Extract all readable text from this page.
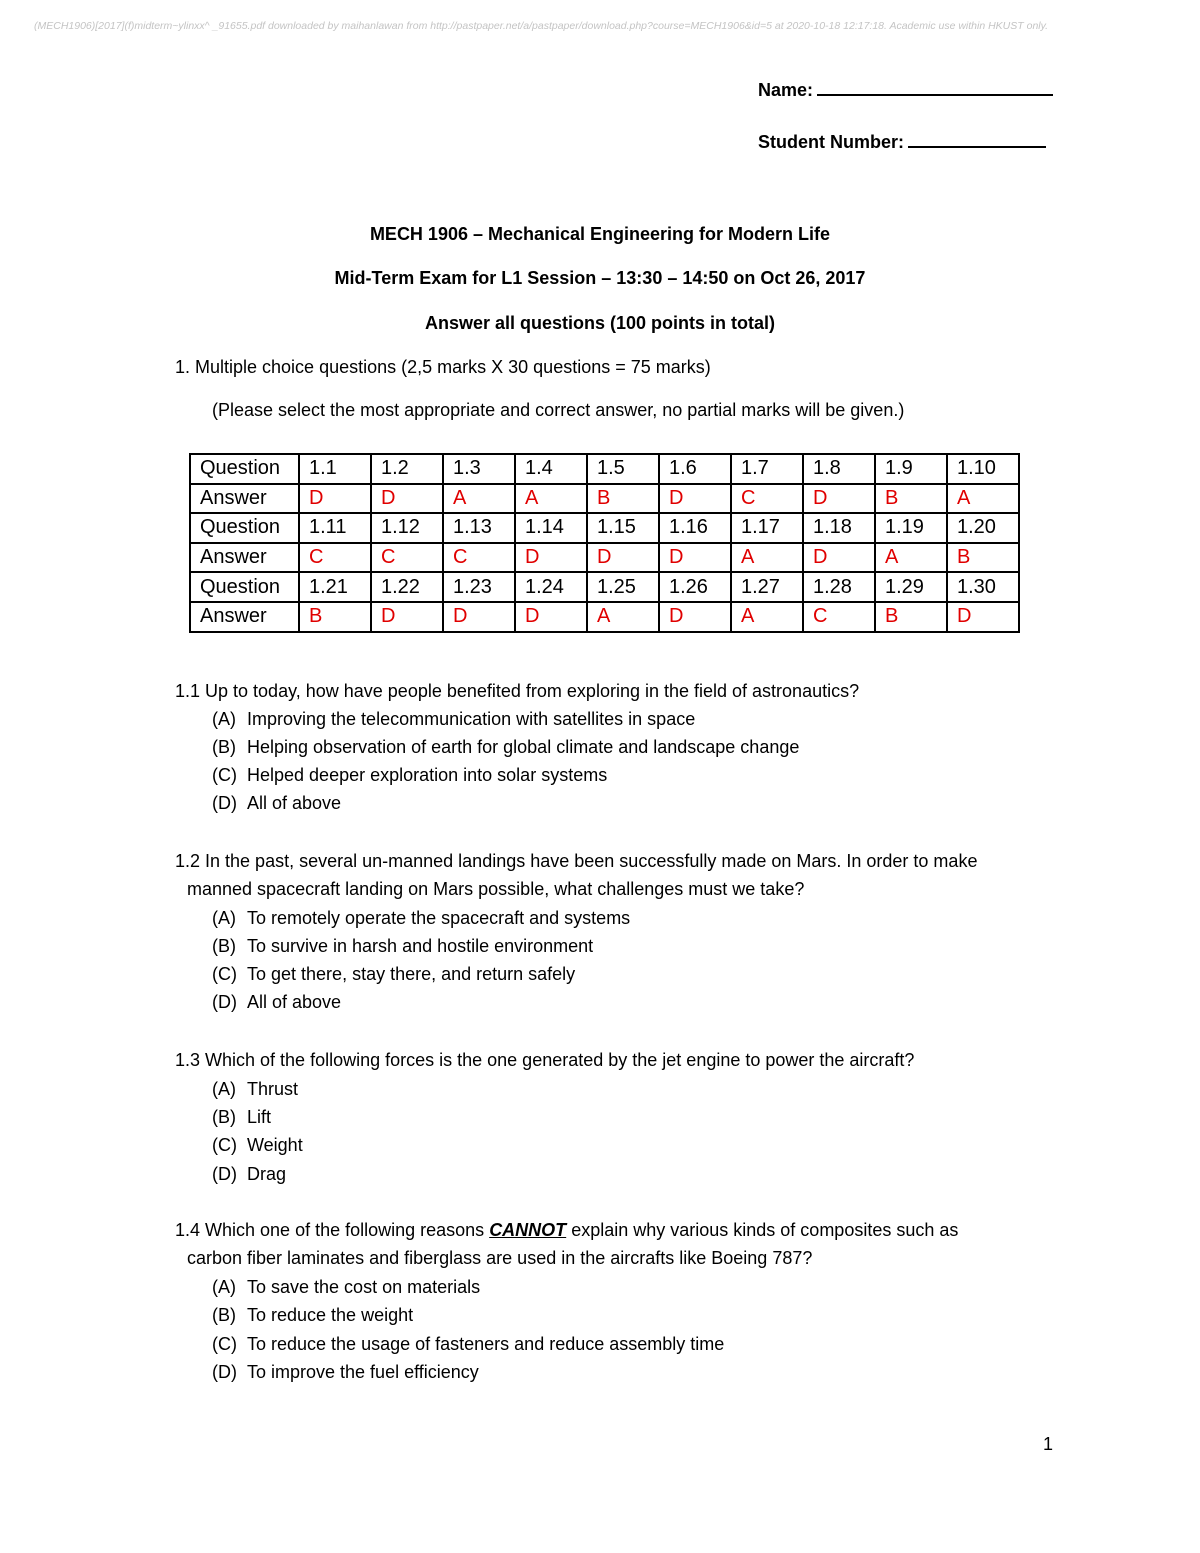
(MECH1906)[2017](f)midterm~ylinxx^ _91655.pdf downloaded by maihanlawan from http://pastpaper.net/a/pastpaper/download.php?course=MECH1906&id=5 at 2020-10-18 12:17:18. Academic use within HKUST only.
Name:
Student Number:
MECH 1906 – Mechanical Engineering for Modern Life
Mid-Term Exam for L1 Session – 13:30 – 14:50 on Oct 26, 2017
Answer all questions (100 points in total)
1. Multiple choice questions (2,5 marks X 30 questions = 75 marks)
(Please select the most appropriate and correct answer, no partial marks will be given.)
Question	1.1	1.2	1.3	1.4	1.5	1.6	1.7	1.8	1.9	1.10
Answer	D	D	A	A	B	D	C	D	B	A
Question	1.11	1.12	1.13	1.14	1.15	1.16	1.17	1.18	1.19	1.20
Answer	C	C	C	D	D	D	A	D	A	B
Question	1.21	1.22	1.23	1.24	1.25	1.26	1.27	1.28	1.29	1.30
Answer	B	D	D	D	A	D	A	C	B	D
1.1 Up to today, how have people benefited from exploring in the field of astronautics?
(A) Improving the telecommunication with satellites in space
(B) Helping observation of earth for global climate and landscape change
(C) Helped deeper exploration into solar systems
(D) All of above
1.2 In the past, several un-manned landings have been successfully made on Mars. In order to make
manned spacecraft landing on Mars possible, what challenges must we take?
(A) To remotely operate the spacecraft and systems
(B) To survive in harsh and hostile environment
(C) To get there, stay there, and return safely
(D) All of above
1.3 Which of the following forces is the one generated by the jet engine to power the aircraft?
(A) Thrust
(B) Lift
(C) Weight
(D) Drag
1.4 Which one of the following reasons CANNOT explain why various kinds of composites such as
carbon fiber laminates and fiberglass are used in the aircrafts like Boeing 787?
(A) To save the cost on materials
(B) To reduce the weight
(C) To reduce the usage of fasteners and reduce assembly time
(D) To improve the fuel efficiency
1
